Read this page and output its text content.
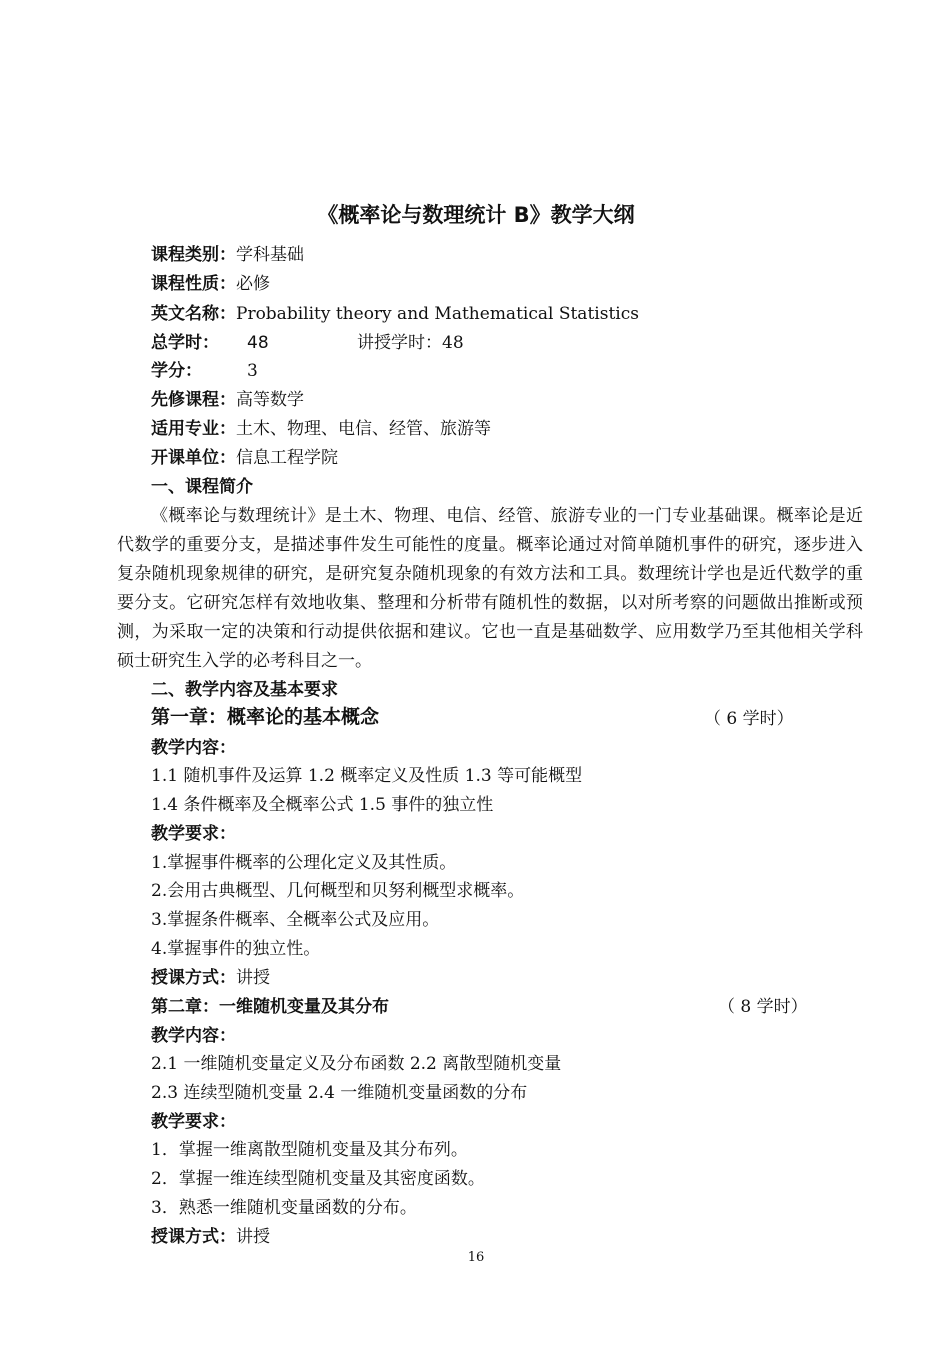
《概率论与数理统计 B》教学大纲
课程类别：学科基础
课程性质：必修
英文名称：Probability theory and Mathematical Statistics
总学时： 48	讲授学时：48
学分：	3
先修课程：高等数学
适用专业：土木、物理、电信、经管、旅游等
开课单位：信息工程学院
一、课程简介
《概率论与数理统计》是土木、物理、电信、经管、旅游专业的一门专业基础课。概率论是近代数学的重要分支，是描述事件发生可能性的度量。概率论通过对简单随机事件的研究，逐步进入复杂随机现象规律的研究，是研究复杂随机现象的有效方法和工具。数理统计学也是近代数学的重要分支。它研究怎样有效地收集、整理和分析带有随机性的数据，以对所考察的问题做出推断或预测，为采取一定的决策和行动提供依据和建议。它也一直是基础数学、应用数学乃至其他相关学科硕士研究生入学的必考科目之一。
二、教学内容及基本要求
第一章：概率论的基本概念	（ 6 学时）
教学内容：
1.1 随机事件及运算 1.2 概率定义及性质 1.3 等可能概型
1.4 条件概率及全概率公式 1.5 事件的独立性
教学要求：
1.掌握事件概率的公理化定义及其性质。
2.会用古典概型、几何概型和贝努利概型求概率。
3.掌握条件概率、全概率公式及应用。
4.掌握事件的独立性。
授课方式：讲授
第二章：一维随机变量及其分布	（ 8 学时）
教学内容：
2.1 一维随机变量定义及分布函数 2.2 离散型随机变量
2.3 连续型随机变量 2.4 一维随机变量函数的分布
教学要求：
1．掌握一维离散型随机变量及其分布列。
2．掌握一维连续型随机变量及其密度函数。
3．熟悉一维随机变量函数的分布。
授课方式：讲授
16
